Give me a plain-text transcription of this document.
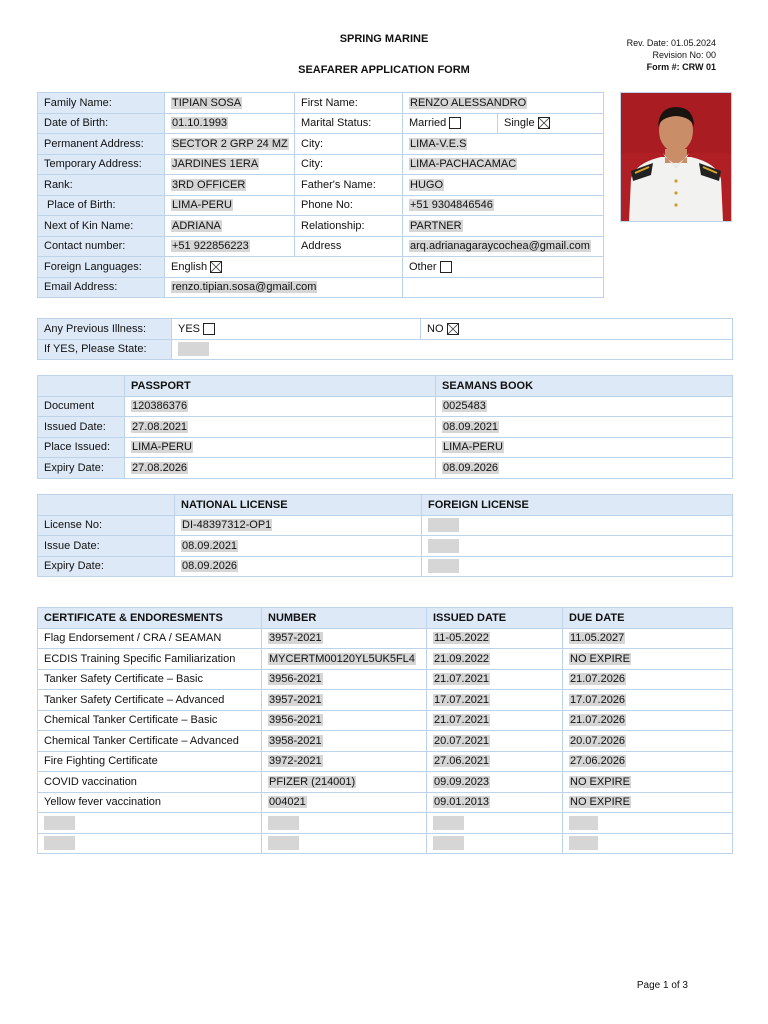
SPRING MARINE
SEAFARER APPLICATION FORM
Rev. Date: 01.05.2024
Revision No: 00
Form #: CRW 01
Family Name:	TIPIAN SOSA	First Name:	RENZO ALESSANDRO	
Date of Birth:	01.10.1993	Marital Status:	Married	Single

Permanent Address:	SECTOR 2 GRP 24 MZ	City:	LIMA-V.E.S	
Temporary Address:	JARDINES 1ERA	City:	LIMA-PACHACAMAC	
Rank:	3RD OFFICER	Father's Name:	HUGO	
Place of Birth:	LIMA-PERU	Phone No:	+51 9304846546	
Next of Kin Name:	ADRIANA	Relationship:	PARTNER	
Contact number:	+51 922856223	Address	arq.adrianagaraycochea@gmail.com	
Foreign Languages:	English		Other	
Email Address:	renzo.tipian.sosa@gmail.com			
Any Previous Illness:	YES	NO

If YES, Please State:		
	PASSPORT	SEAMANS BOOK
Document	120386376	0025483
Issued Date:	27.08.2021	08.09.2021
Place Issued:	LIMA-PERU	LIMA-PERU
Expiry Date:	27.08.2026	08.09.2026
	NATIONAL LICENSE	FOREIGN LICENSE
License No:	DI-48397312-OP1	
Issue Date:	08.09.2021	
Expiry Date:	08.09.2026	
CERTIFICATE & ENDORESMENTS	NUMBER	ISSUED DATE	DUE DATE
Flag Endorsement / CRA / SEAMAN	3957-2021	11-05.2022	11.05.2027
ECDIS Training Specific Familiarization	MYCERTM00120YL5UK5FL4	21.09.2022	NO EXPIRE
Tanker Safety Certificate – Basic	3956-2021	21.07.2021	21.07.2026
Tanker Safety Certificate – Advanced	3957-2021	17.07.2021	17.07.2026
Chemical Tanker Certificate – Basic	3956-2021	21.07.2021	21.07.2026
Chemical Tanker Certificate – Advanced	3958-2021	20.07.2021	20.07.2026
Fire Fighting Certificate	3972-2021	27.06.2021	27.06.2026
COVID vaccination	PFIZER (214001)	09.09.2023	NO EXPIRE
Yellow fever vaccination	004021	09.01.2013	NO EXPIRE

Page 1 of 3
